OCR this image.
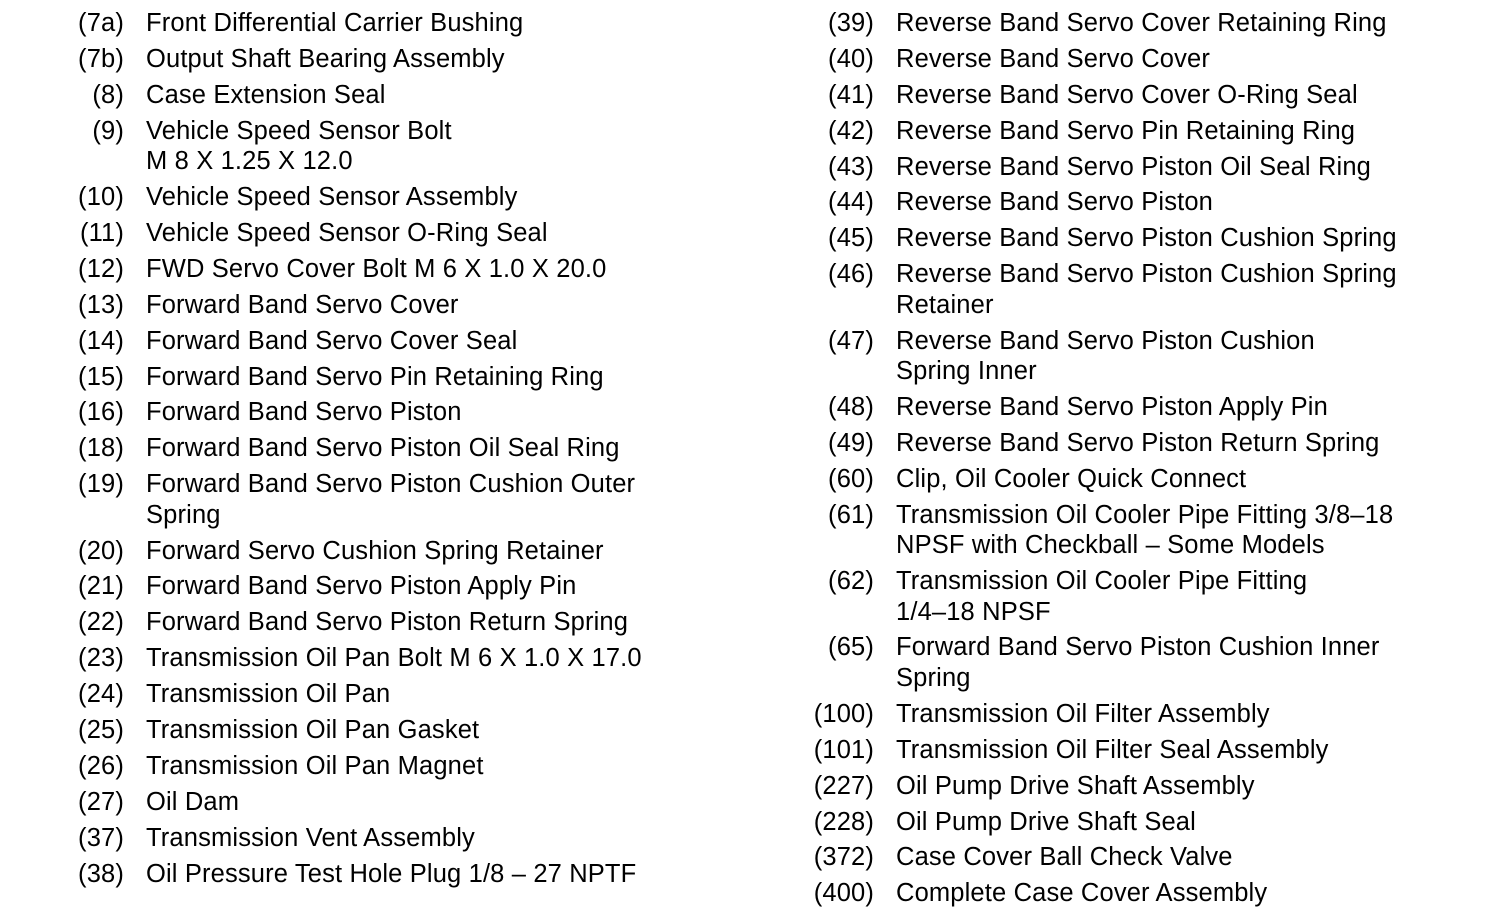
(7a) Front Differential Carrier Bushing
(7b) Output Shaft Bearing Assembly
(8) Case Extension Seal
(9) Vehicle Speed Sensor Bolt
M 8 X 1.25 X 12.0
(10) Vehicle Speed Sensor Assembly
(11) Vehicle Speed Sensor O-Ring Seal
(12) FWD Servo Cover Bolt M 6 X 1.0 X 20.0
(13) Forward Band Servo Cover
(14) Forward Band Servo Cover Seal
(15) Forward Band Servo Pin Retaining Ring
(16) Forward Band Servo Piston
(18) Forward Band Servo Piston Oil Seal Ring
(19) Forward Band Servo Piston Cushion Outer
Spring
(20) Forward Servo Cushion Spring Retainer
(21) Forward Band Servo Piston Apply Pin
(22) Forward Band Servo Piston Return Spring
(23) Transmission Oil Pan Bolt M 6 X 1.0 X 17.0
(24) Transmission Oil Pan
(25) Transmission Oil Pan Gasket
(26) Transmission Oil Pan Magnet
(27) Oil Dam
(37) Transmission Vent Assembly
(38) Oil Pressure Test Hole Plug 1/8 – 27 NPTF
(39) Reverse Band Servo Cover Retaining Ring
(40) Reverse Band Servo Cover
(41) Reverse Band Servo Cover O-Ring Seal
(42) Reverse Band Servo Pin Retaining Ring
(43) Reverse Band Servo Piston Oil Seal Ring
(44) Reverse Band Servo Piston
(45) Reverse Band Servo Piston Cushion Spring
(46) Reverse Band Servo Piston Cushion Spring
Retainer
(47) Reverse Band Servo Piston Cushion
Spring Inner
(48) Reverse Band Servo Piston Apply Pin
(49) Reverse Band Servo Piston Return Spring
(60) Clip, Oil Cooler Quick Connect
(61) Transmission Oil Cooler Pipe Fitting 3/8–18
NPSF with Checkball – Some Models
(62) Transmission Oil Cooler Pipe Fitting
1/4–18 NPSF
(65) Forward Band Servo Piston Cushion Inner
Spring
(100) Transmission Oil Filter Assembly
(101) Transmission Oil Filter Seal Assembly
(227) Oil Pump Drive Shaft Assembly
(228) Oil Pump Drive Shaft Seal
(372) Case Cover Ball Check Valve
(400) Complete Case Cover Assembly
